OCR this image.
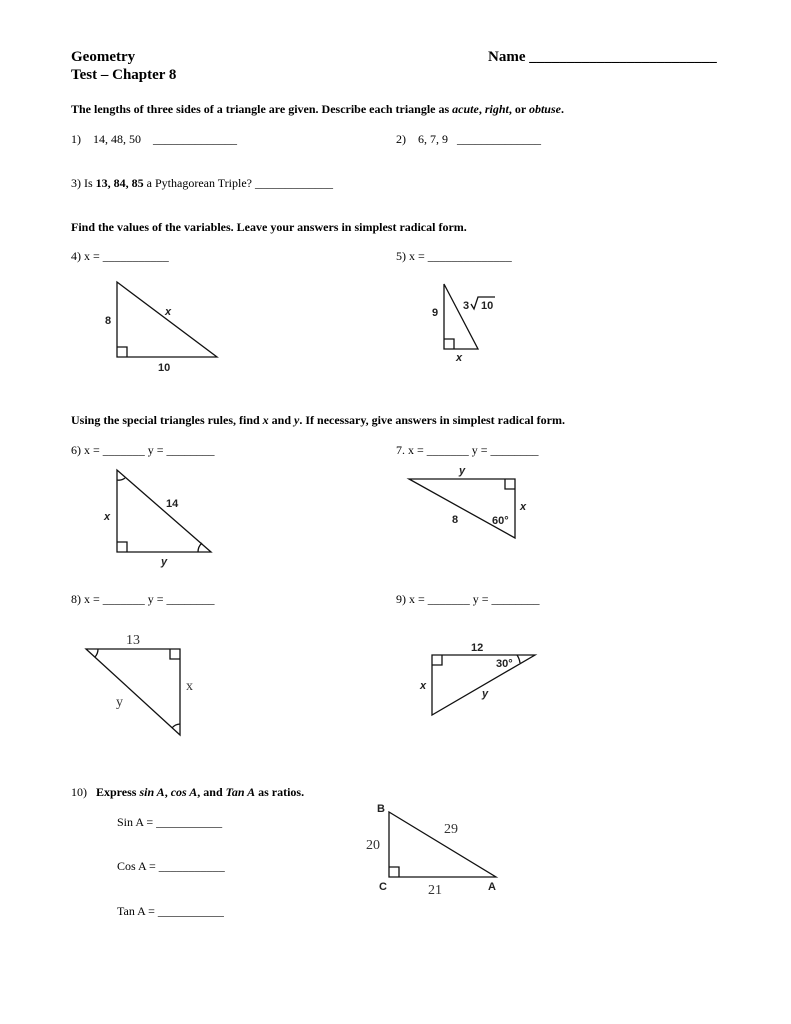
Geometry
Test – Chapter 8
Name _________________________
The lengths of three sides of a triangle are given. Describe each triangle as acute, right, or obtuse.
1) 14, 48, 50 ______________	2) 6, 7, 9 ______________
3) Is 13, 84, 85 a Pythagorean Triple? _____________
Find the values of the variables. Leave your answers in simplest radical form.
4) x = ___________	5) x = ______________
8
10
x	9
3 10
x
Using the special triangles rules, find x and y. If necessary, give answers in simplest radical form.
6) x = _______ y = ________	7. x = _______ y = ________
x
14
y
y
x
8	60°
8) x = _______ y = ________	9) x = _______ y = ________
13
x
y
12
30°
x
y
10) Express sin A, cos A, and Tan A as ratios.
Sin A = ___________
Cos A = ___________
Tan A = ___________
B
C	A
20
21
29
